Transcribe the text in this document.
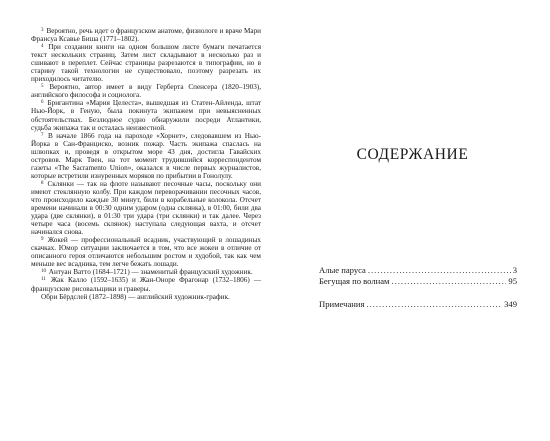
$^3$ Вероятно, речь идет о французском анатоме, физиологе и враче Мари Франсуа Ксавье Биша (1771–1802).

$^4$ При создании книги на одном большом листе бумаги печатается текст нескольких страниц. Затем лист складывают в несколько раз и сшивают в переплет. Сейчас страницы разрезаются в типографии, но в старину такой технологии не существовало, поэтому разрезать их приходилось читателю.

$^5$ Вероятно, автор имеет в виду Герберта Спенсера (1820–1903), английского философа и социолога.

$^6$ Бригантина «Мария Целеста», вышедшая из Статен-Айленда, штат Нью-Йорк, в Геную, была покинута экипажем при невыясненных обстоятельствах. Безлюдное судно обнаружили посреди Атлантики, судьба экипажа так и осталась неизвестной.

$^7$ В начале 1866 года на пароходе «Хорнет», следовавшем из Нью-Йорка в Сан-Франциско, возник пожар. Часть экипажа спаслась на шлюпках и, проведя в открытом море 43 дня, достигла Гавайских островов. Марк Твен, на тот момент трудившийся корреспондентом газеты «The Sacramento Union», оказался в числе первых журналистов, которые встретили изнуренных моряков по прибытии в Гонолулу.

$^8$ Склянки — так на флоте называют песочные часы, поскольку они имеют стеклянную колбу. При каждом переворачивании песочных часов, что происходило каждые 30 минут, били в корабельные колокола. Отсчет времени начинали в 00:30 одним ударом (одна склянка), в 01:00, били два удара (две склянки), в 01:30 три удара (три склянки) и так далее. Через четыре часа (восемь склянок) наступала следующая вахта, и отсчет начинался снова.

$^9$ Жокей — профессиональный всадник, участвующий в лошадиных скачках. Юмор ситуации заключается в том, что все жокеи в отличие от описанного героя отличаются небольшим ростом и худобой, так как чем меньше вес всадника, тем легче бежать лошади.

$^{10}$ Антуан Ватто (1684–1721) — знаменитый французский художник.

$^{11}$ Жак Калло (1592–1635) и Жан-Оноре Фрагонар (1732–1806) — французские рисовальщики и граверы.

Обри Бёрдслей (1872–1898) — английский художник-график.

СОДЕРЖАНИЕ
Алые паруса .....	3
Бегущая по волнам .....	95
Примечания .....	349
